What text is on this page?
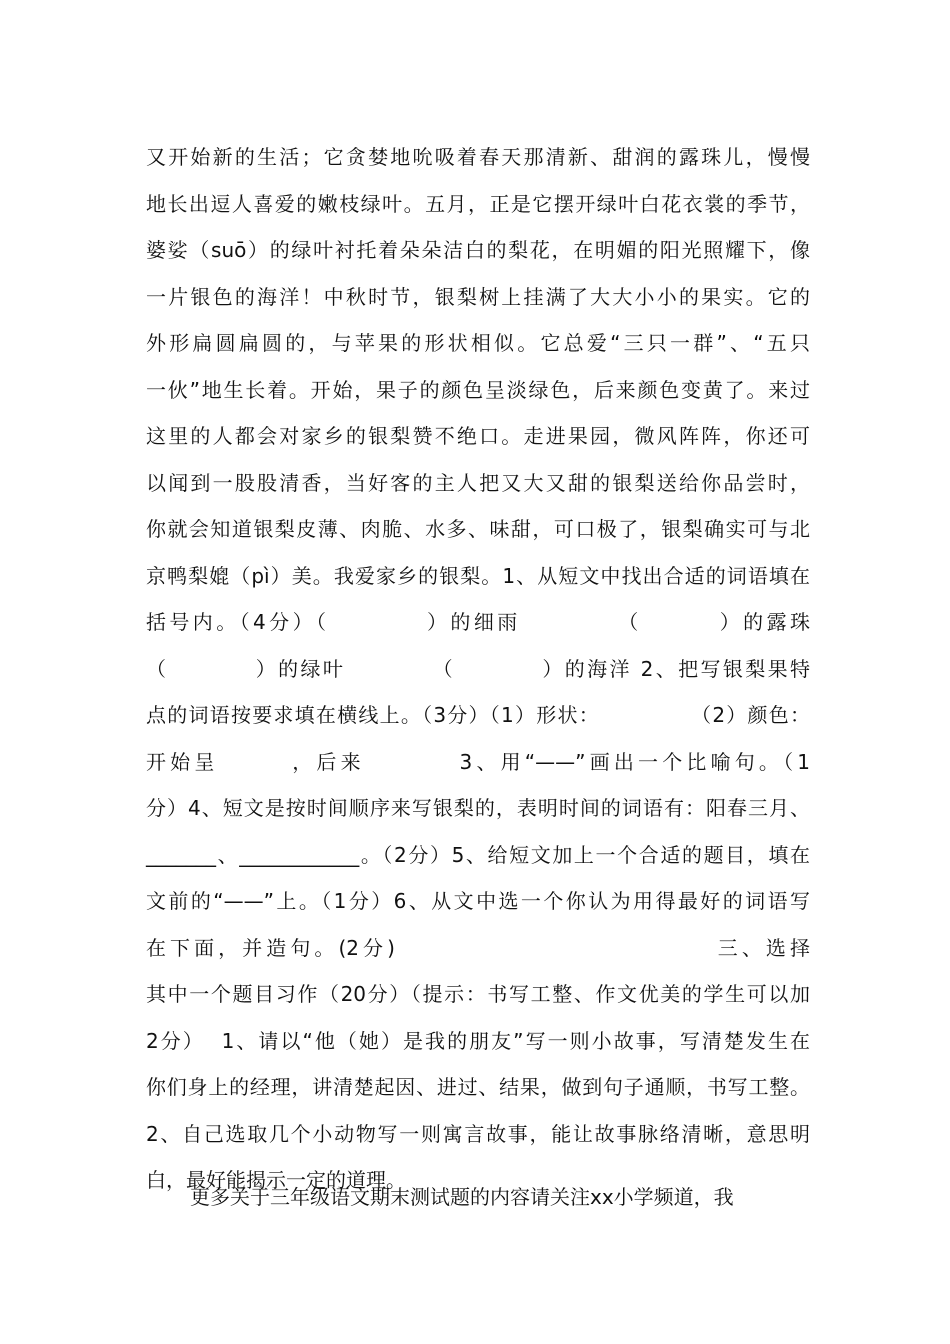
又开始新的生活；它贪婪地吮吸着春天那清新、甜润的露珠儿，慢慢
地长出逗人喜爱的嫩枝绿叶。五月，正是它摆开绿叶白花衣裳的季节，
婆娑（suō）的绿叶衬托着朵朵洁白的梨花，在明媚的阳光照耀下，像
一片银色的海洋！中秋时节，银梨树上挂满了大大小小的果实。它的
外形扁圆扁圆的，与苹果的形状相似。它总爱“三只一群”、“五只
一伙”地生长着。开始，果子的颜色呈淡绿色，后来颜色变黄了。来过
这里的人都会对家乡的银梨赞不绝口。走进果园，微风阵阵，你还可
以闻到一股股清香，当好客的主人把又大又甜的银梨送给你品尝时，
你就会知道银梨皮薄、肉脆、水多、味甜，可口极了，银梨确实可与北
京鸭梨媲（pì）美。我爱家乡的银梨。1、从短文中找出合适的词语填在
括号内。（4分）（          ）的细雨          （        ）的露珠
（          ）的绿叶          （          ）的海洋 2、把写银梨果特
点的词语按要求填在横线上。（3分）（1）形状：            （2）颜色：
开始呈       ，后来         3、用“——”画出一个比喻句。（1
分）4、短文是按时间顺序来写银梨的，表明时间的词语有：阳春三月、
_______、____________。（2分）5、给短文加上一个合适的题目，填在
文前的“——”上。（1分）6、从文中选一个你认为用得最好的词语写
在下面，并造句。(2分)                               三、选择
其中一个题目习作（20分）（提示：书写工整、作文优美的学生可以加
2分）  1、请以“他（她）是我的朋友”写一则小故事，写清楚发生在
你们身上的经理，讲清楚起因、进过、结果，做到句子通顺，书写工整。
2、自己选取几个小动物写一则寓言故事，能让故事脉络清晰，意思明
白，最好能揭示一定的道理。
更多关于三年级语文期末测试题的内容请关注xx小学频道，我
